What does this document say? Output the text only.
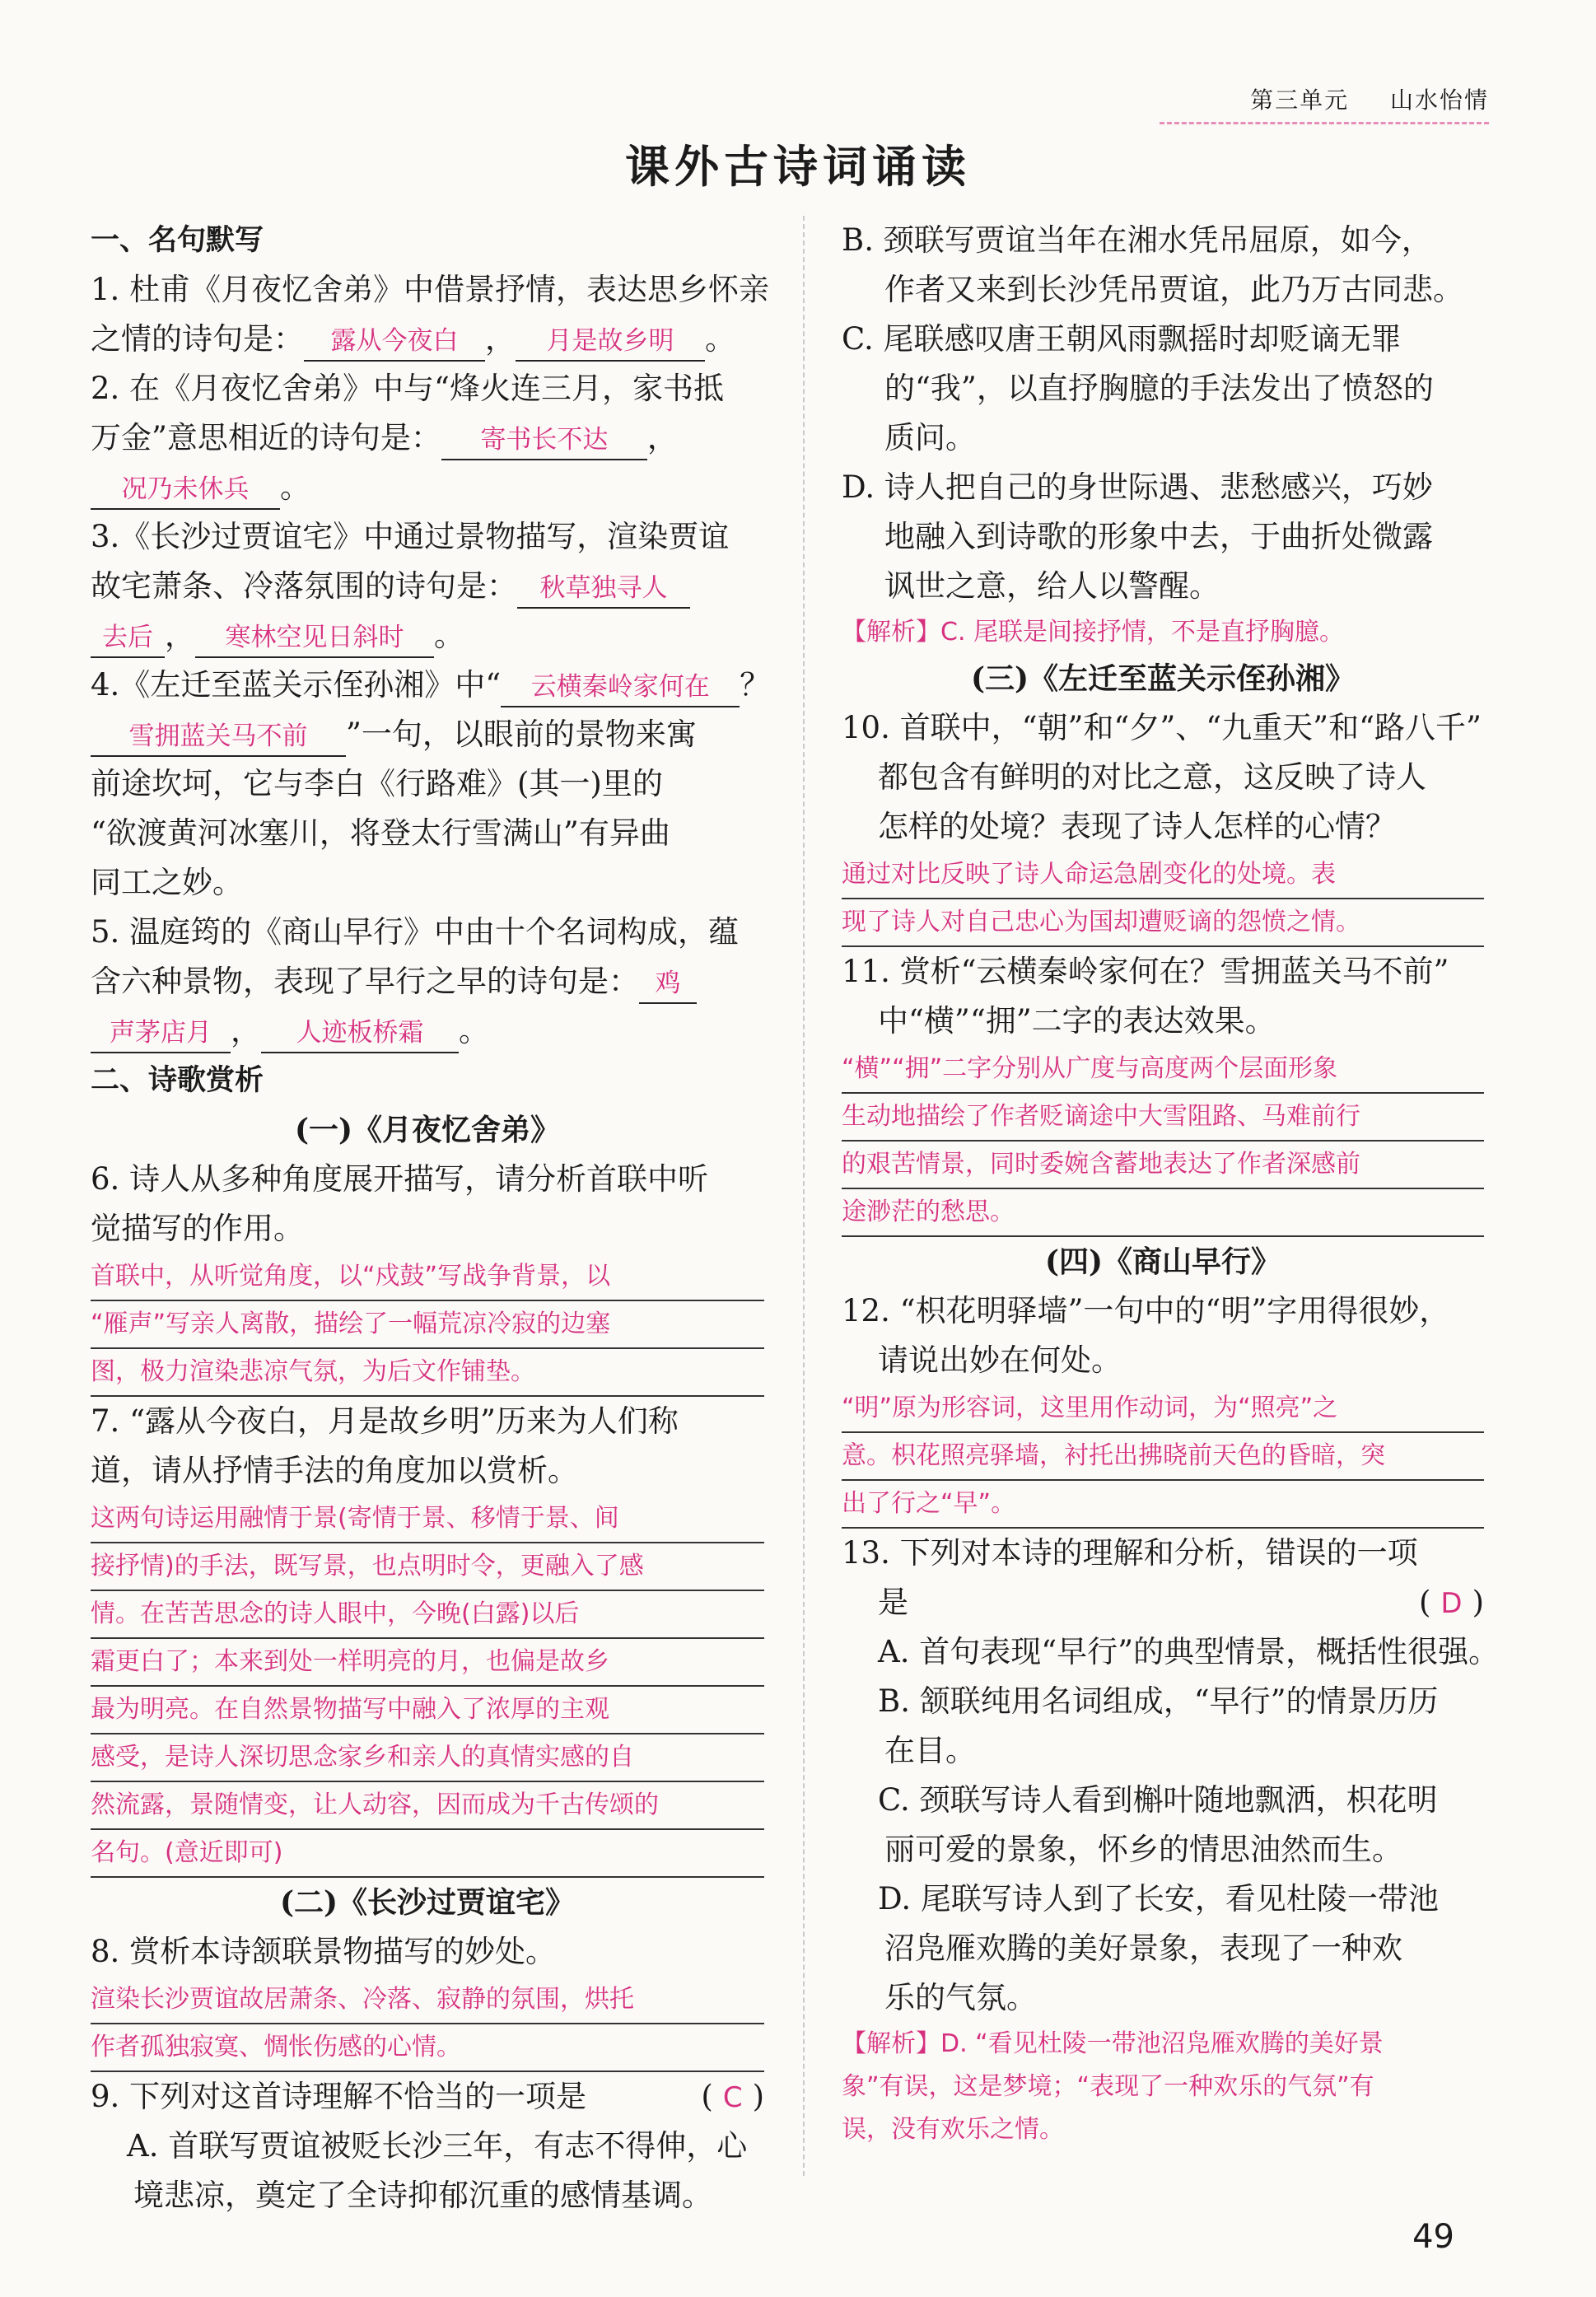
第三单元 山水怡情
课外古诗词诵读
一、名句默写
1. 杜甫《月夜忆舍弟》中借景抒情，表达思乡怀亲
之情的诗句是： 露从今夜白 ， 月是故乡明 。
2. 在《月夜忆舍弟》中与“烽火连三月，家书抵
万金”意思相近的诗句是： 寄书长不达 ，
况乃未休兵 。
3.《长沙过贾谊宅》中通过景物描写，渲染贾谊
故宅萧条、冷落氛围的诗句是： 秋草独寻人
去后 ， 寒林空见日斜时 。
4.《左迁至蓝关示侄孙湘》中“ 云横秦岭家何在 ？
雪拥蓝关马不前 ”一句，以眼前的景物来寓
前途坎坷，它与李白《行路难》(其一)里的
“欲渡黄河冰塞川，将登太行雪满山”有异曲
同工之妙。
5. 温庭筠的《商山早行》中由十个名词构成，蕴
含六种景物，表现了早行之早的诗句是： 鸡
声茅店月 ， 人迹板桥霜 。
二、诗歌赏析
(一)《月夜忆舍弟》
6. 诗人从多种角度展开描写，请分析首联中听
觉描写的作用。
首联中，从听觉角度，以“戍鼓”写战争背景，以
“雁声”写亲人离散，描绘了一幅荒凉冷寂的边塞
图，极力渲染悲凉气氛，为后文作铺垫。
7. “露从今夜白，月是故乡明”历来为人们称
道，请从抒情手法的角度加以赏析。
这两句诗运用融情于景(寄情于景、移情于景、间
接抒情)的手法，既写景，也点明时令，更融入了感
情。在苦苦思念的诗人眼中，今晚(白露)以后
霜更白了；本来到处一样明亮的月，也偏是故乡
最为明亮。在自然景物描写中融入了浓厚的主观
感受，是诗人深切思念家乡和亲人的真情实感的自
然流露，景随情变，让人动容，因而成为千古传颂的
名句。(意近即可)
(二)《长沙过贾谊宅》
8. 赏析本诗颔联景物描写的妙处。
渲染长沙贾谊故居萧条、冷落、寂静的氛围，烘托
作者孤独寂寞、惆怅伤感的心情。
9. 下列对这首诗理解不恰当的一项是	( C )
A. 首联写贾谊被贬长沙三年，有志不得伸，心
境悲凉，奠定了全诗抑郁沉重的感情基调。
B. 颈联写贾谊当年在湘水凭吊屈原，如今，
作者又来到长沙凭吊贾谊，此乃万古同悲。
C. 尾联感叹唐王朝风雨飘摇时却贬谪无罪
的“我”，以直抒胸臆的手法发出了愤怒的
质问。
D. 诗人把自己的身世际遇、悲愁感兴，巧妙
地融入到诗歌的形象中去，于曲折处微露
讽世之意，给人以警醒。
【解析】C. 尾联是间接抒情，不是直抒胸臆。
(三)《左迁至蓝关示侄孙湘》
10. 首联中，“朝”和“夕”、“九重天”和“路八千”
都包含有鲜明的对比之意，这反映了诗人
怎样的处境？表现了诗人怎样的心情？
通过对比反映了诗人命运急剧变化的处境。表
现了诗人对自己忠心为国却遭贬谪的怨愤之情。
11. 赏析“云横秦岭家何在？雪拥蓝关马不前”
中“横”“拥”二字的表达效果。
“横”“拥”二字分别从广度与高度两个层面形象
生动地描绘了作者贬谪途中大雪阻路、马难前行
的艰苦情景，同时委婉含蓄地表达了作者深感前
途渺茫的愁思。
(四)《商山早行》
12. “枳花明驿墙”一句中的“明”字用得很妙，
请说出妙在何处。
“明”原为形容词，这里用作动词，为“照亮”之
意。枳花照亮驿墙，衬托出拂晓前天色的昏暗，突
出了行之“早”。
13. 下列对本诗的理解和分析，错误的一项
是	( D )
A. 首句表现“早行”的典型情景，概括性很强。
B. 颔联纯用名词组成，“早行”的情景历历
在目。
C. 颈联写诗人看到槲叶随地飘洒，枳花明
丽可爱的景象，怀乡的情思油然而生。
D. 尾联写诗人到了长安，看见杜陵一带池
沼凫雁欢腾的美好景象，表现了一种欢
乐的气氛。
【解析】D. “看见杜陵一带池沼凫雁欢腾的美好景
象”有误，这是梦境；“表现了一种欢乐的气氛”有
误，没有欢乐之情。
49
